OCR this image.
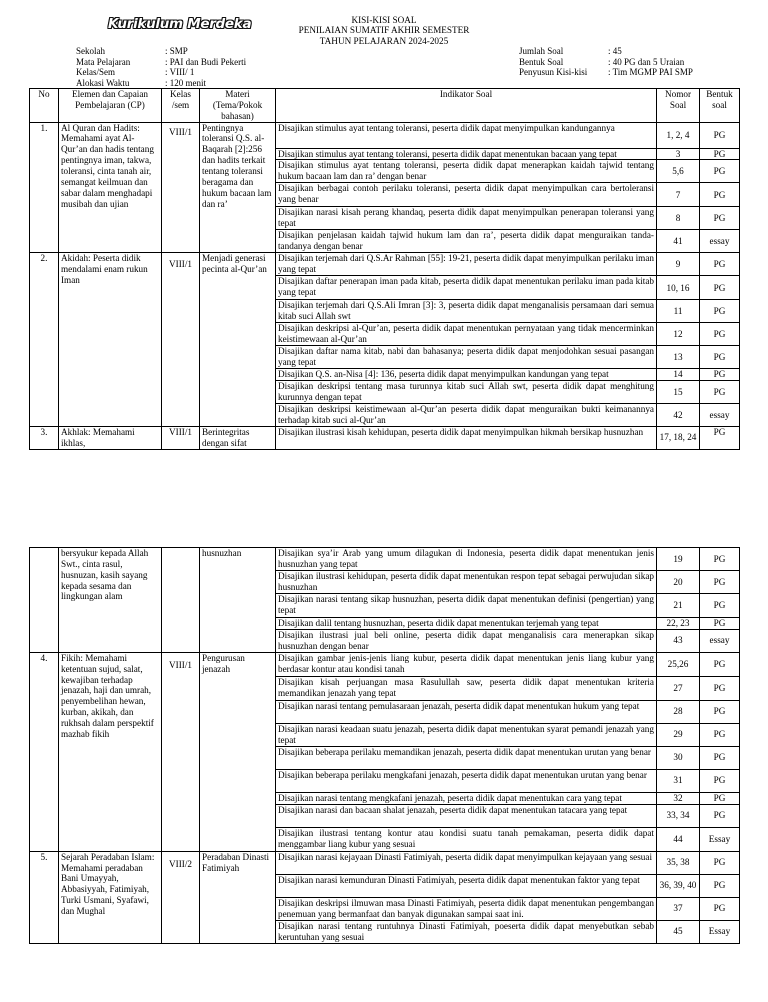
Kurikulum Merdeka	KISI-KISI SOAL
PENILAIAN SUMATIF AKHIR SEMESTER
TAHUN PELAJARAN 2024-2025
Sekolah	: SMP
Mata Pelajaran	: PAI dan Budi Pekerti
Kelas/Sem	: VIII/ 1
Alokasi Waktu	: 120 menit
Jumlah Soal	: 45
Bentuk Soal	: 40 PG dan 5 Uraian
Penyusun Kisi-kisi : Tim MGMP PAI SMP
No	Elemen dan Capaian Pembelajaran (CP)	Kelas /sem	Materi (Tema/Pokok bahasan)	Indikator Soal	Nomor Soal	Bentuk soal
1.	Al Quran dan Hadits: Memahami ayat Al-Qur’an dan hadis tentang pentingnya iman, takwa, toleransi, cinta tanah air, semangat keilmuan dan sabar dalam menghadapi musibah dan ujian	VIII/1	Pentingnya toleransi Q.S. al-Baqarah [2]:256 dan hadits terkait tentang toleransi beragama dan hukum bacaan lam dan ra’	Disajikan stimulus ayat tentang toleransi, peserta didik dapat menyimpulkan kandungannya	1, 2, 4	PG
				Disajikan stimulus ayat tentang toleransi, peserta didik dapat menentukan bacaan yang tepat	3	PG
				Disajikan stimulus ayat tentang toleransi, peserta didik dapat menerapkan kaidah tajwid tentang hukum bacaan lam dan ra’ dengan benar	5,6	PG
				Disajikan berbagai contoh perilaku toleransi, peserta didik dapat menyimpulkan cara bertoleransi yang benar	7	PG
				Disajikan narasi kisah perang khandaq, peserta didik dapat menyimpulkan penerapan toleransi yang tepat	8	PG
				Disajikan penjelasan kaidah tajwid hukum lam dan ra’, peserta didik dapat menguraikan tanda-tandanya dengan benar	41	essay
2.	Akidah: Peserta didik mendalami enam rukun Iman	VIII/1	Menjadi generasi pecinta al-Qur’an	Disajikan terjemah dari Q.S.Ar Rahman [55]: 19-21, peserta didik dapat menyimpulkan perilaku iman yang tepat	9	PG
				Disajikan daftar penerapan iman pada kitab, peserta didik dapat menentukan perilaku iman pada kitab yang tepat	10, 16	PG
				Disajikan terjemah dari Q.S.Ali Imran [3]: 3, peserta didik dapat menganalisis persamaan dari semua kitab suci Allah swt	11	PG
				Disajikan deskripsi al-Qur’an, peserta didik dapat menentukan pernyataan yang tidak mencerminkan keistimewaan al-Qur’an	12	PG
				Disajikan daftar nama kitab, nabi dan bahasanya; peserta didik dapat menjodohkan sesuai pasangan yang tepat	13	PG
				Disajikan Q.S. an-Nisa [4]: 136, peserta didik dapat menyimpulkan kandungan yang tepat	14	PG
				Disajikan deskripsi tentang masa turunnya kitab suci Allah swt, peserta didik dapat menghitung kurunnya dengan tepat	15	PG
				Disajikan deskripsi keistimewaan al-Qur’an peserta didik dapat menguraikan bukti keimanannya terhadap kitab suci al-Qur’an	42	essay
3.	Akhlak: Memahami ikhlas,	VIII/1	Berintegritas dengan sifat	Disajikan ilustrasi kisah kehidupan, peserta didik dapat menyimpulkan hikmah bersikap husnuzhan	17, 18, 24	PG
	bersyukur kepada Allah Swt., cinta rasul, husnuzan, kasih sayang kepada sesama dan lingkungan alam		husnuzhan	Disajikan sya’ir Arab yang umum dilagukan di Indonesia, peserta didik dapat menentukan jenis husnuzhan yang tepat	19	PG
				Disajikan ilustrasi kehidupan, peserta didik dapat menentukan respon tepat sebagai perwujudan sikap husnuzhan	20	PG
				Disajikan narasi tentang sikap husnuzhan, peserta didik dapat menentukan definisi (pengertian) yang tepat	21	PG
				Disajikan dalil tentang husnuzhan, peserta didik dapat menentukan terjemah yang tepat	22, 23	PG
				Disajikan ilustrasi jual beli online, peserta didik dapat menganalisis cara menerapkan sikap husnuzhan dengan benar	43	essay
4.	Fikih: Memahami ketentuan sujud, salat, kewajiban terhadap jenazah, haji dan umrah, penyembelihan hewan, kurban, akikah, dan rukhsah dalam perspektif mazhab fikih	VIII/1	Pengurusan jenazah	Disajikan gambar jenis-jenis liang kubur, peserta didik dapat menentukan jenis liang kubur yang berdasar kontur atau kondisi tanah	25,26	PG
				Disajikan kisah perjuangan masa Rasulullah saw, peserta didik dapat menentukan kriteria memandikan jenazah yang tepat	27	PG
				Disajikan narasi tentang pemulasaraan jenazah, peserta didik dapat menentukan hukum yang tepat	28	PG
				Disajikan narasi keadaan suatu jenazah, peserta didik dapat menentukan syarat pemandi jenazah yang tepat	29	PG
				Disajikan beberapa perilaku memandikan jenazah, peserta didik dapat menentukan urutan yang benar	30	PG
				Disajikan beberapa perilaku mengkafani jenazah, peserta didik dapat menentukan urutan yang benar	31	PG
				Disajikan narasi tentang mengkafani jenazah, peserta didik dapat menentukan cara yang tepat	32	PG
				Disajikan narasi dan bacaan shalat jenazah, peserta didik dapat menentukan tatacara yang tepat	33, 34	PG
				Disajikan ilustrasi tentang kontur atau kondisi suatu tanah pemakaman, peserta didik dapat menggambar liang kubur yang sesuai	44	Essay
5.	Sejarah Peradaban Islam: Memahami peradaban Bani Umayyah, Abbasiyyah, Fatimiyah, Turki Usmani, Syafawi, dan Mughal	VIII/2	Peradaban Dinasti Fatimiyah	Disajikan narasi kejayaan Dinasti Fatimiyah, peserta didik dapat menyimpulkan kejayaan yang sesuai	35, 38	PG
				Disajikan narasi kemunduran Dinasti Fatimiyah, peserta didik dapat menentukan faktor yang tepat	36, 39, 40	PG
				Disajikan deskripsi ilmuwan masa Dinasti Fatimiyah, peserta didik dapat menentukan pengembangan penemuan yang bermanfaat dan banyak digunakan sampai saat ini.	37	PG
				Disajikan narasi tentang runtuhnya Dinasti Fatimiyah, poeserta didik dapat menyebutkan sebab keruntuhan yang sesuai	45	Essay
